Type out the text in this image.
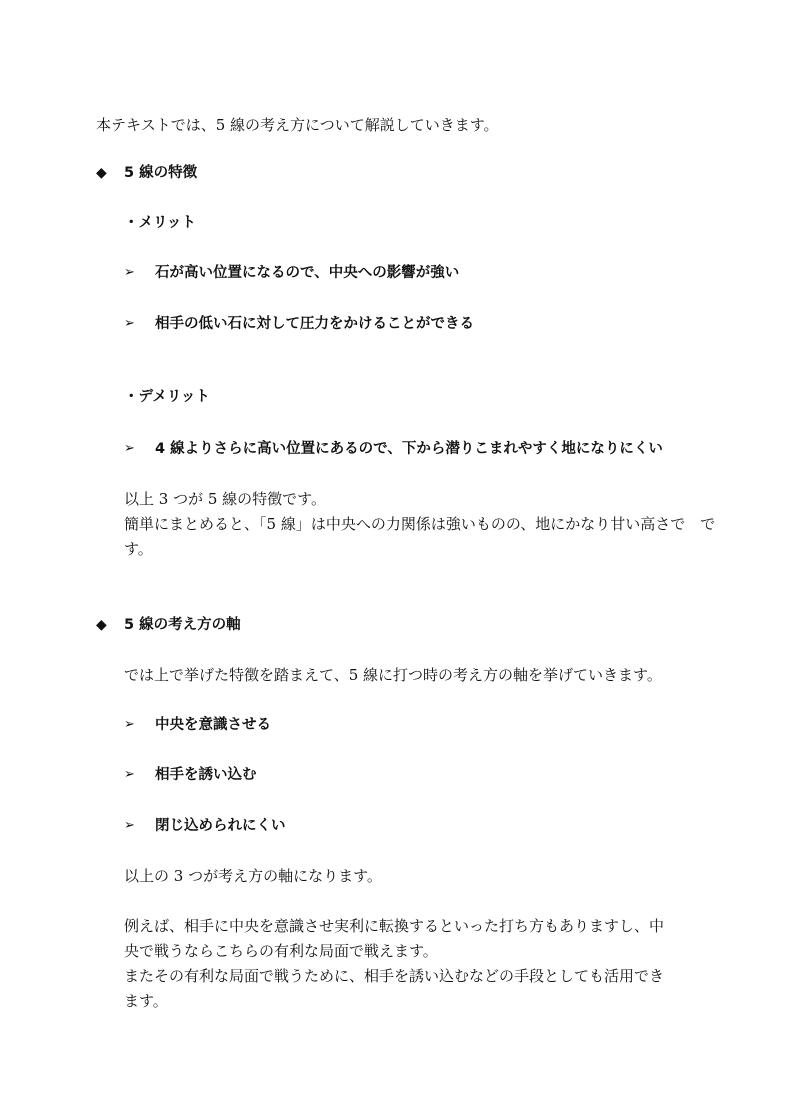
本テキストでは、5 線の考え方について解説していきます。

◆ 5 線の特徴

・メリット

➢ 石が高い位置になるので、中央への影響が強い

➢ 相手の低い石に対して圧力をかけることができる

・デメリット

➢ 4 線よりさらに高い位置にあるので、下から潜りこまれやすく地になりにくい

以上 3 つが 5 線の特徴です。

簡単にまとめると、「5 線」は中央への力関係は強いものの、地にかなり甘い高さで　で

す。

◆ 5 線の考え方の軸

では上で挙げた特徴を踏まえて、5 線に打つ時の考え方の軸を挙げていきます。

➢ 中央を意識させる

➢ 相手を誘い込む

➢ 閉じ込められにくい

以上の 3 つが考え方の軸になります。

例えば、相手に中央を意識させ実利に転換するといった打ち方もありますし、中

央で戦うならこちらの有利な局面で戦えます。

またその有利な局面で戦うために、相手を誘い込むなどの手段としても活用でき

ます。
